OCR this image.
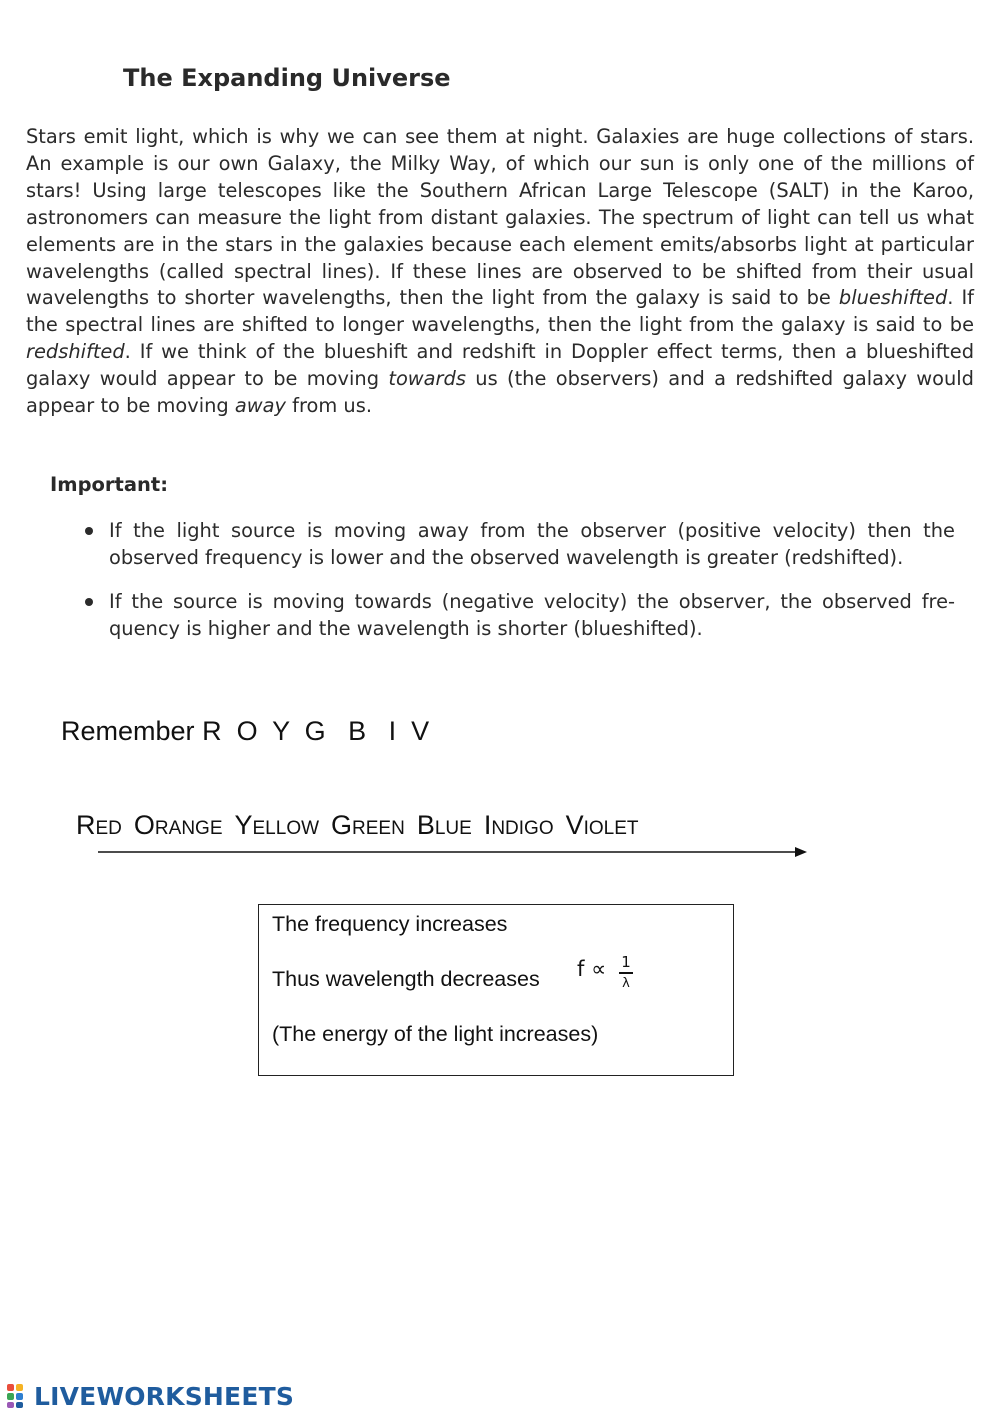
The Expanding Universe
Stars emit light, which is why we can see them at night. Galaxies are huge collections of stars. An example is our own Galaxy, the Milky Way, of which our sun is only one of the millions of stars! Using large telescopes like the Southern African Large Telescope (SALT) in the Karoo, astronomers can measure the light from distant galaxies. The spectrum of light can tell us what elements are in the stars in the galaxies because each element emits/absorbs light at particular wavelengths (called spectral lines). If these lines are observed to be shifted from their usual wavelengths to shorter wavelengths, then the light from the galaxy is said to be blueshifted. If the spectral lines are shifted to longer wavelengths, then the light from the galaxy is said to be redshifted. If we think of the blueshift and redshift in Doppler effect terms, then a blueshifted galaxy would appear to be moving towards us (the observers) and a redshifted galaxy would appear to be moving away from us.
Important:
If the light source is moving away from the observer (positive velocity) then the observed frequency is lower and the observed wavelength is greater (redshifted).
If the source is moving towards (negative velocity) the observer, the observed fre-quency is higher and the wavelength is shorter (blueshifted).
Remember R  O  Y  G   B   I  V

Red Orange Yellow Green Blue Indigo Violet

The frequency increases
Thus wavelength decreases f ∝ 1
λ
(The energy of the light increases)
LIVEWORKSHEETS
